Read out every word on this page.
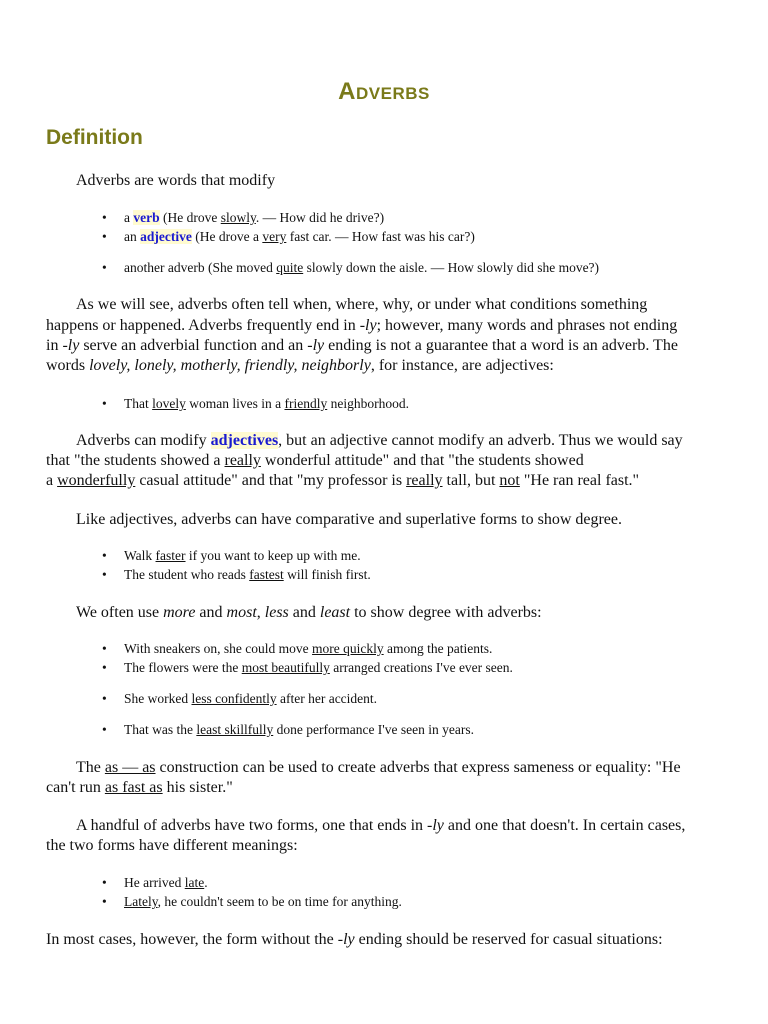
Adverbs
Definition

Adverbs are words that modify

• a verb (He drove slowly. — How did he drive?)
• an adjective (He drove a very fast car. — How fast was his car?)
• another adverb (She moved quite slowly down the aisle. — How slowly did she move?)

As we will see, adverbs often tell when, where, why, or under what conditions something

happens or happened. Adverbs frequently end in -ly; however, many words and phrases not ending

in -ly serve an adverbial function and an -ly ending is not a guarantee that a word is an adverb. The

words lovely, lonely, motherly, friendly, neighborly, for instance, are adjectives:

• That lovely woman lives in a friendly neighborhood.

Adverbs can modify adjectives, but an adjective cannot modify an adverb. Thus we would say

that "the students showed a really wonderful attitude" and that "the students showed

a wonderfully casual attitude" and that "my professor is really tall, but not "He ran real fast."

Like adjectives, adverbs can have comparative and superlative forms to show degree.

• Walk faster if you want to keep up with me.
• The student who reads fastest will finish first.

We often use more and most, less and least to show degree with adverbs:

• With sneakers on, she could move more quickly among the patients.
• The flowers were the most beautifully arranged creations I've ever seen.
• She worked less confidently after her accident.
• That was the least skillfully done performance I've seen in years.

The as — as construction can be used to create adverbs that express sameness or equality: "He

can't run as fast as his sister."

A handful of adverbs have two forms, one that ends in -ly and one that doesn't. In certain cases,

the two forms have different meanings:

• He arrived late.
• Lately, he couldn't seem to be on time for anything.

In most cases, however, the form without the -ly ending should be reserved for casual situations:
